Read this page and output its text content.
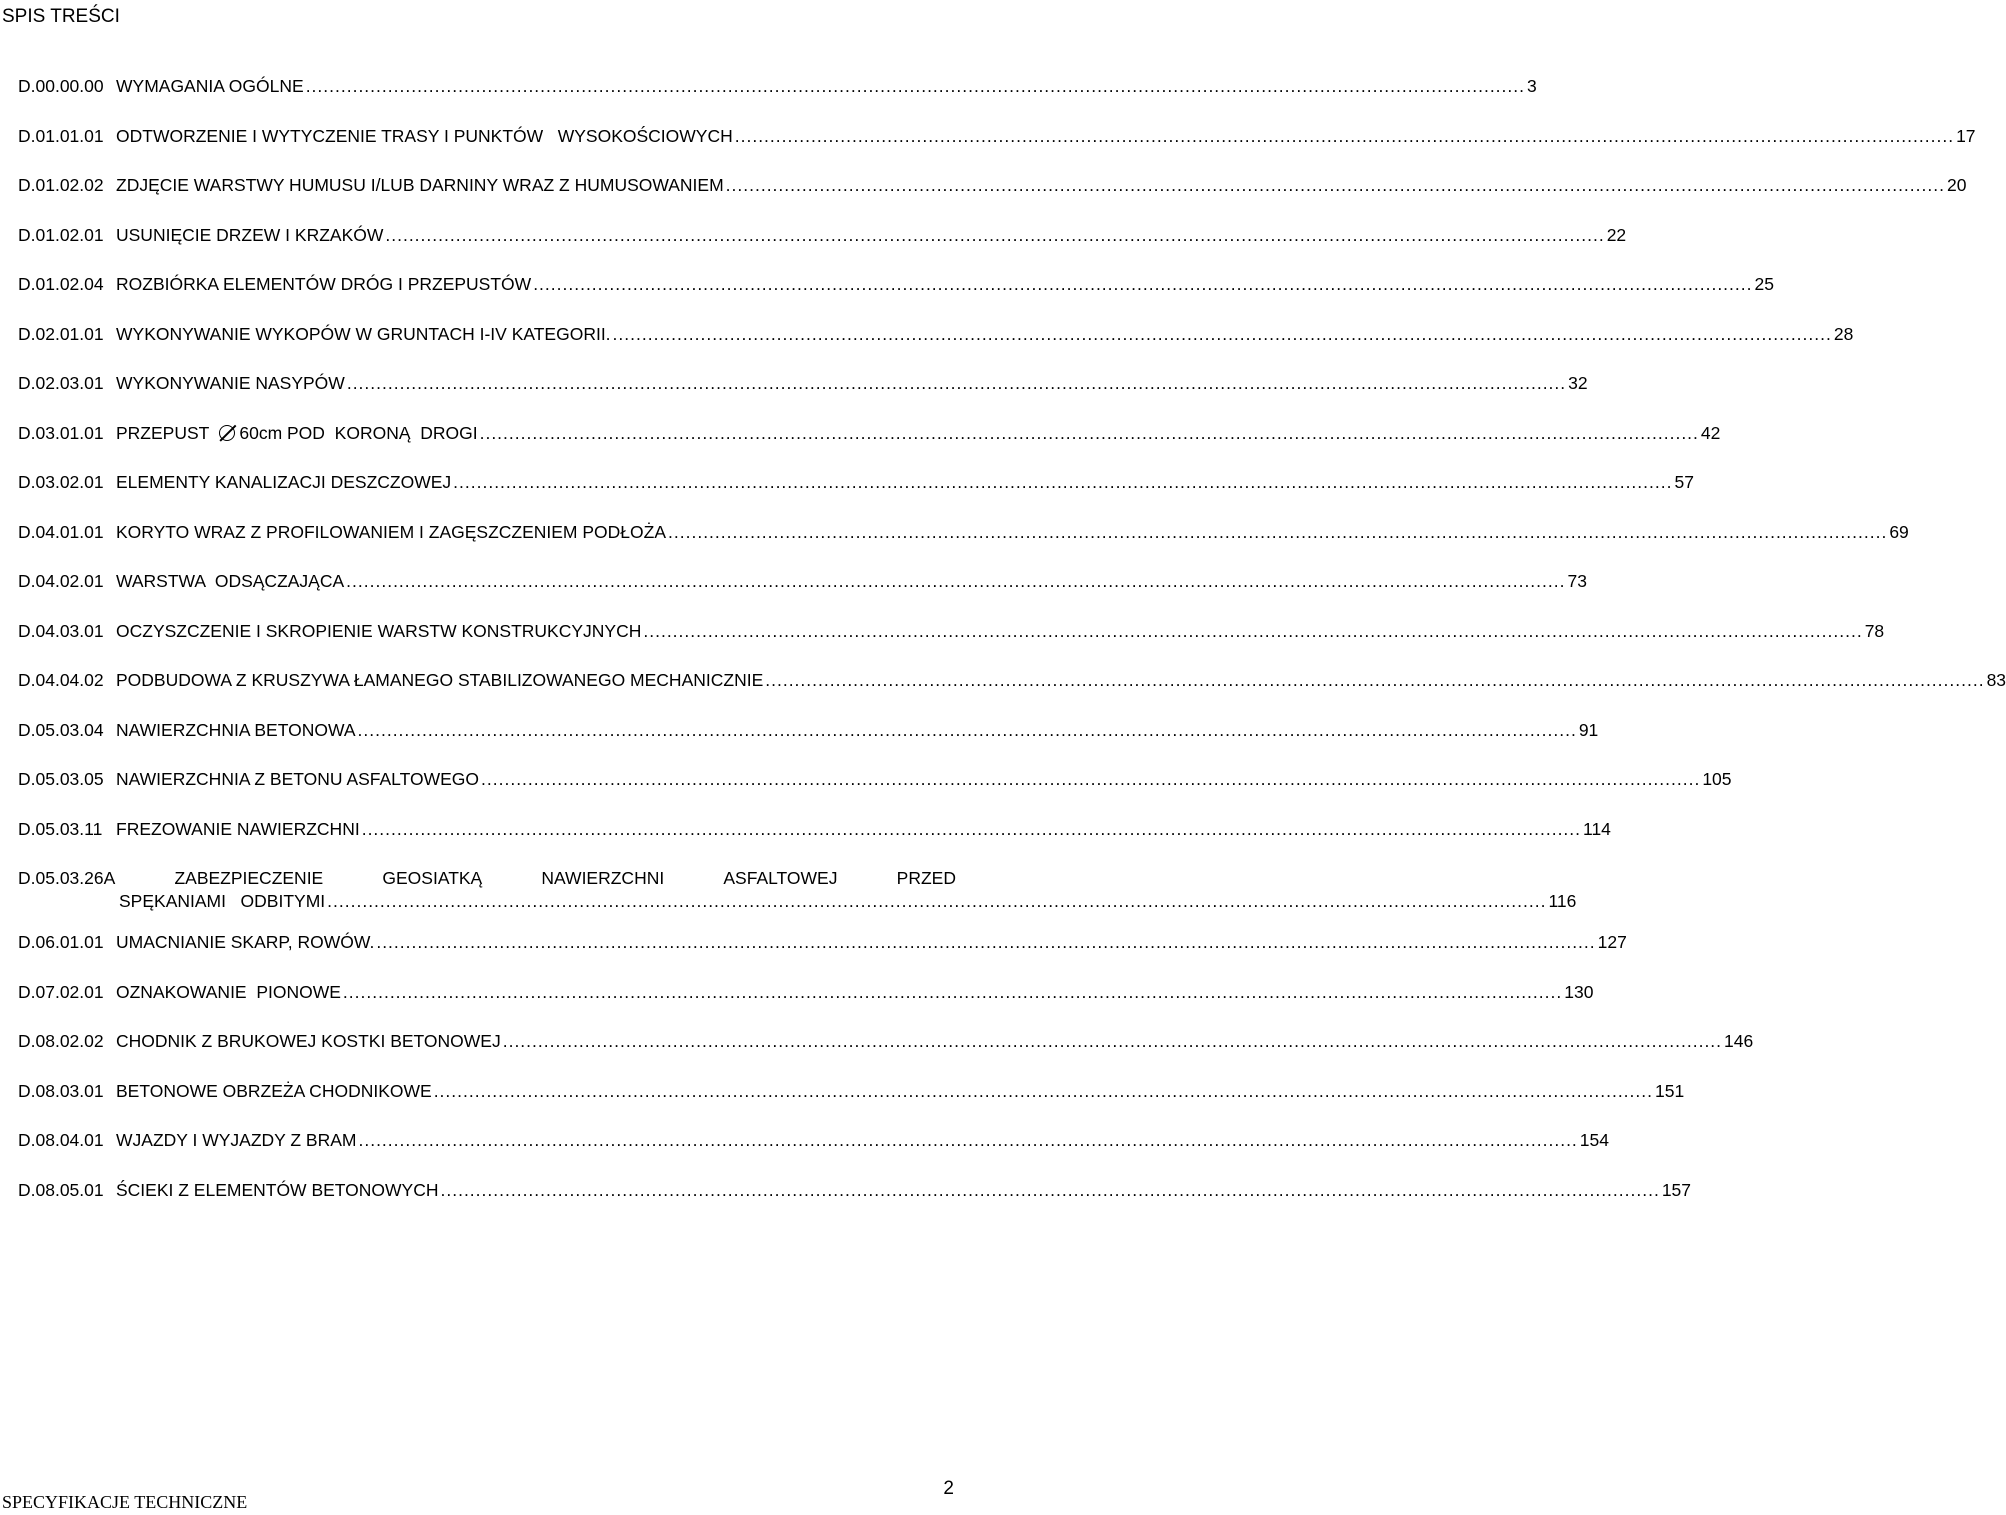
SPIS TREŚCI
D.00.00.00 WYMAGANIA OGÓLNE .....	3
D.01.01.01 ODTWORZENIE I WYTYCZENIE TRASY I PUNKTÓW   WYSOKOŚCIOWYCH .....	17
D.01.02.02 ZDJĘCIE WARSTWY HUMUSU I/LUB DARNINY WRAZ Z HUMUSOWANIEM .....	20
D.01.02.01 USUNIĘCIE DRZEW I KRZAKÓW .....	22
D.01.02.04 ROZBIÓRKA ELEMENTÓW DRÓG I PRZEPUSTÓW .....	25
D.02.01.01 WYKONYWANIE WYKOPÓW W GRUNTACH I-IV KATEGORII. .....	28
D.02.03.01 WYKONYWANIE NASYPÓW .....	32
D.03.01.01 PRZEPUST 60cm POD  KORONĄ  DROGI .....	42
D.03.02.01 ELEMENTY KANALIZACJI DESZCZOWEJ .....	57
D.04.01.01 KORYTO WRAZ Z PROFILOWANIEM I ZAGĘSZCZENIEM PODŁOŻA .....	69
D.04.02.01 WARSTWA  ODSĄCZAJĄCA .....	73
D.04.03.01 OCZYSZCZENIE I SKROPIENIE WARSTW KONSTRUKCYJNYCH .....	78
D.04.04.02 PODBUDOWA Z KRUSZYWA ŁAMANEGO STABILIZOWANEGO MECHANICZNIE .....	83
D.05.03.04 NAWIERZCHNIA BETONOWA .....	91
D.05.03.05 NAWIERZCHNIA Z BETONU ASFALTOWEGO .....	105
D.05.03.11 FREZOWANIE NAWIERZCHNI .....	114
D.05.03.26A	ZABEZPIECZENIE	GEOSIATKĄ	NAWIERZCHNI	ASFALTOWEJ	PRZED
SPĘKANIAMI   ODBITYMI .....	116
D.06.01.01 UMACNIANIE SKARP, ROWÓW. .....	127
D.07.02.01 OZNAKOWANIE  PIONOWE .....	130
D.08.02.02 CHODNIK Z BRUKOWEJ KOSTKI BETONOWEJ .....	146
D.08.03.01 BETONOWE OBRZEŻA CHODNIKOWE .....	151
D.08.04.01 WJAZDY I WYJAZDY Z BRAM .....	154
D.08.05.01 ŚCIEKI Z ELEMENTÓW BETONOWYCH .....	157
SPECYFIKACJE TECHNICZNE
2
